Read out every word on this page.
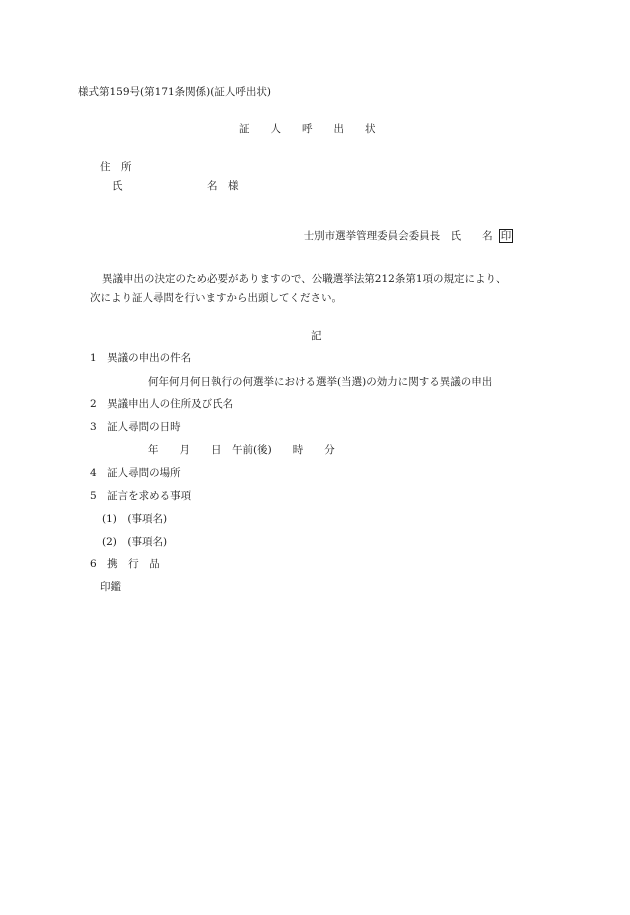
様式第159号(第171条関係)(証人呼出状)
証　　人　　呼　　出　　状
住　所
氏	名　様

士別市選挙管理委員会委員長　氏　　名 印

異議申出の決定のため必要がありますので、公職選挙法第212条第1項の規定により、
次により証人尋問を行いますから出頭してください。
記
1　異議の申出の件名
何年何月何日執行の何選挙における選挙(当選)の効力に関する異議の申出
2　異議申出人の住所及び氏名
3　証人尋問の日時
年　　月　　日　午前(後)　　時　　分
4　証人尋問の場所
5　証言を求める事項
(1)　(事項名)
(2)　(事項名)
6　携　行　品
印鑑
